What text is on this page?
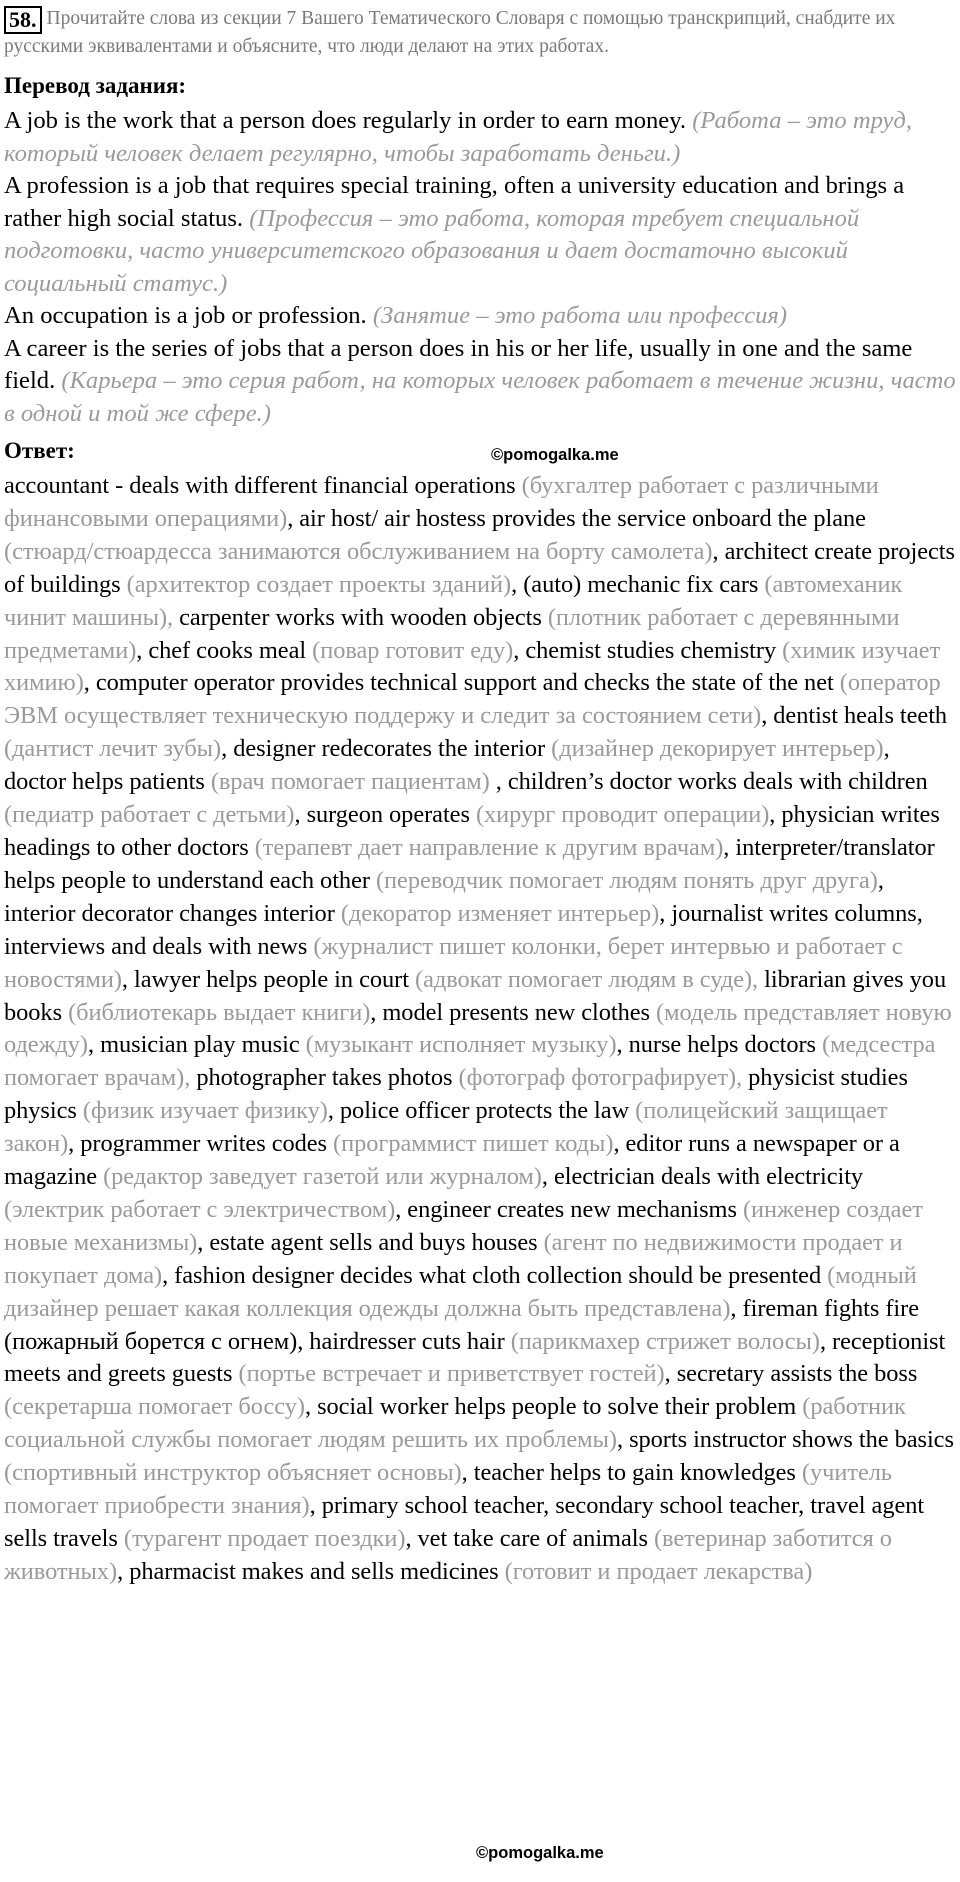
58. Прочитайте слова из секции 7 Вашего Тематического Словаря с помощью транскрипций, снабдите их русскими эквивалентами и объясните, что люди делают на этих работах.
Перевод задания:
A job is the work that a person does regularly in order to earn money. (Работа – это труд, который человек делает регулярно, чтобы заработать деньги.)
A profession is a job that requires special training, often a university education and brings a rather high social status. (Профессия – это работа, которая требует специальной подготовки, часто университетского образования и дает достаточно высокий социальный статус.)
An occupation is a job or profession. (Занятие – это работа или профессия)
A career is the series of jobs that a person does in his or her life, usually in one and the same field. (Карьера – это серия работ, на которых человек работает в течение жизни, часто в одной и той же сфере.)
Ответ:	©pomogalka.me
accountant - deals with different financial operations (бухгалтер работает с различными финансовыми операциями), air host/ air hostess provides the service onboard the plane (стюард/стюардесса занимаются обслуживанием на борту самолета), architect create projects of buildings (архитектор создает проекты зданий), (auto) mechanic fix cars (автомеханик чинит машины), carpenter works with wooden objects (плотник работает с деревянными предметами), chef cooks meal (повар готовит еду), chemist studies chemistry (химик изучает химию), computer operator provides technical support and checks the state of the net (оператор ЭВМ осуществляет техническую поддержу и следит за состоянием сети), dentist heals teeth (дантист лечит зубы), designer redecorates the interior (дизайнер декорирует интерьер), doctor helps patients (врач помогает пациентам) , children’s doctor works deals with children (педиатр работает с детьми), surgeon operates (хирург проводит операции), physician writes headings to other doctors (терапевт дает направление к другим врачам), interpreter/translator helps people to understand each other (переводчик помогает людям понять друг друга), interior decorator changes interior (декоратор изменяет интерьер), journalist writes columns, interviews and deals with news (журналист пишет колонки, берет интервью и работает с новостями), lawyer helps people in court (адвокат помогает людям в суде), librarian gives you books (библиотекарь выдает книги), model presents new clothes (модель представляет новую одежду), musician play music (музыкант исполняет музыку), nurse helps doctors (медсестра помогает врачам), photographer takes photos (фотограф фотографирует), physicist studies physics (физик изучает физику), police officer protects the law (полицейский защищает закон), programmer writes codes (программист пишет коды), editor runs a newspaper or a magazine (редактор заведует газетой или журналом), electrician deals with electricity (электрик работает с электричеством), engineer creates new mechanisms (инженер создает новые механизмы), estate agent sells and buys houses (агент по недвижимости продает и покупает дома), fashion designer decides what cloth collection should be presented (модный дизайнер решает какая коллекция одежды должна быть представлена), fireman fights fire (пожарный борется с огнем), hairdresser cuts hair (парикмахер стрижет волосы), receptionist meets and greets guests (портье встречает и приветствует гостей), secretary assists the boss (секретарша помогает боссу), social worker helps people to solve their problem (работник социальной службы помогает людям решить их проблемы), sports instructor shows the basics (спортивный инструктор объясняет основы), teacher helps to gain knowledges (учитель помогает приобрести знания), primary school teacher, secondary school teacher, travel agent sells travels (турагент продает поездки), vet take care of animals (ветеринар заботится о животных), pharmacist makes and sells medicines (готовит и продает лекарства)
©pomogalka.me
